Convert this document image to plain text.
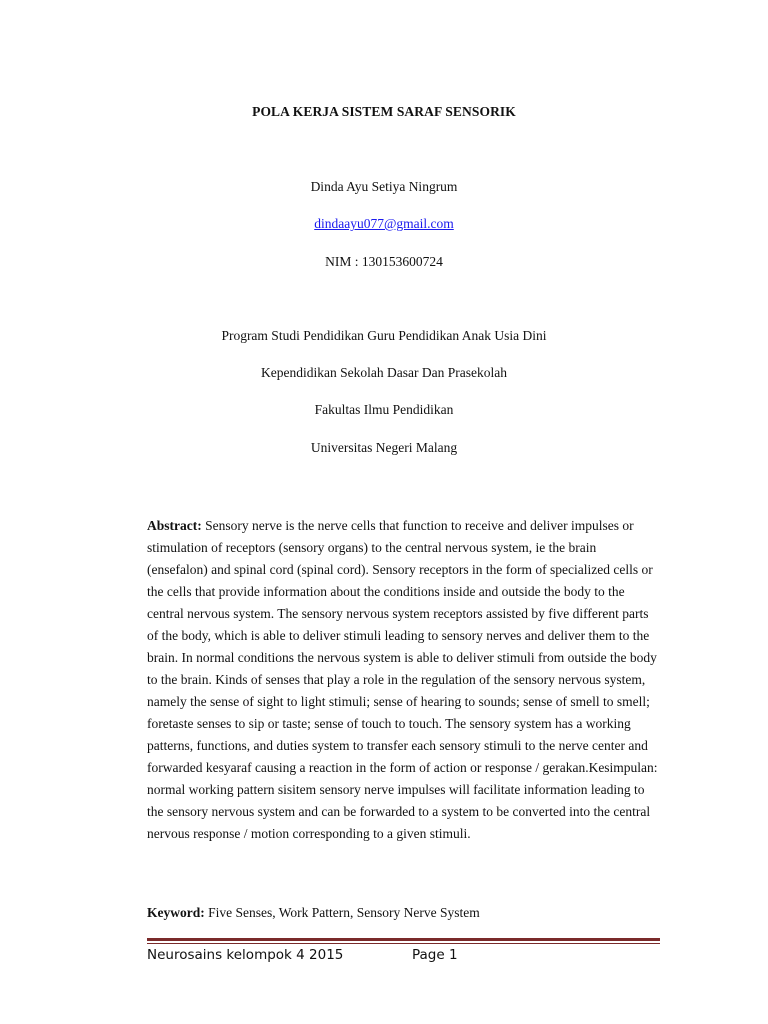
POLA KERJA SISTEM SARAF SENSORIK
Dinda Ayu Setiya Ningrum
dindaayu077@gmail.com
NIM : 130153600724
Program Studi Pendidikan Guru Pendidikan Anak Usia Dini
Kependidikan Sekolah Dasar Dan Prasekolah
Fakultas Ilmu Pendidikan
Universitas Negeri Malang

Abstract: Sensory nerve is the nerve cells that function to receive and deliver impulses or stimulation of receptors (sensory organs) to the central nervous system, ie the brain (ensefalon) and spinal cord (spinal cord). Sensory receptors in the form of specialized cells or the cells that provide information about the conditions inside and outside the body to the central nervous system. The sensory nervous system receptors assisted by five different parts of the body, which is able to deliver stimuli leading to sensory nerves and deliver them to the brain. In normal conditions the nervous system is able to deliver stimuli from outside the body to the brain. Kinds of senses that play a role in the regulation of the sensory nervous system, namely the sense of sight to light stimuli; sense of hearing to sounds; sense of smell to smell; foretaste senses to sip or taste; sense of touch to touch. The sensory system has a working patterns, functions, and duties system to transfer each sensory stimuli to the nerve center and forwarded kesyaraf causing a reaction in the form of action or response / gerakan.Kesimpulan: normal working pattern sisitem sensory nerve impulses will facilitate information leading to the sensory nervous system and can be forwarded to a system to be converted into the central nervous response / motion corresponding to a given stimuli.

Keyword: Five Senses, Work Pattern, Sensory Nerve System

Neurosains kelompok 4 2015	Page 1
